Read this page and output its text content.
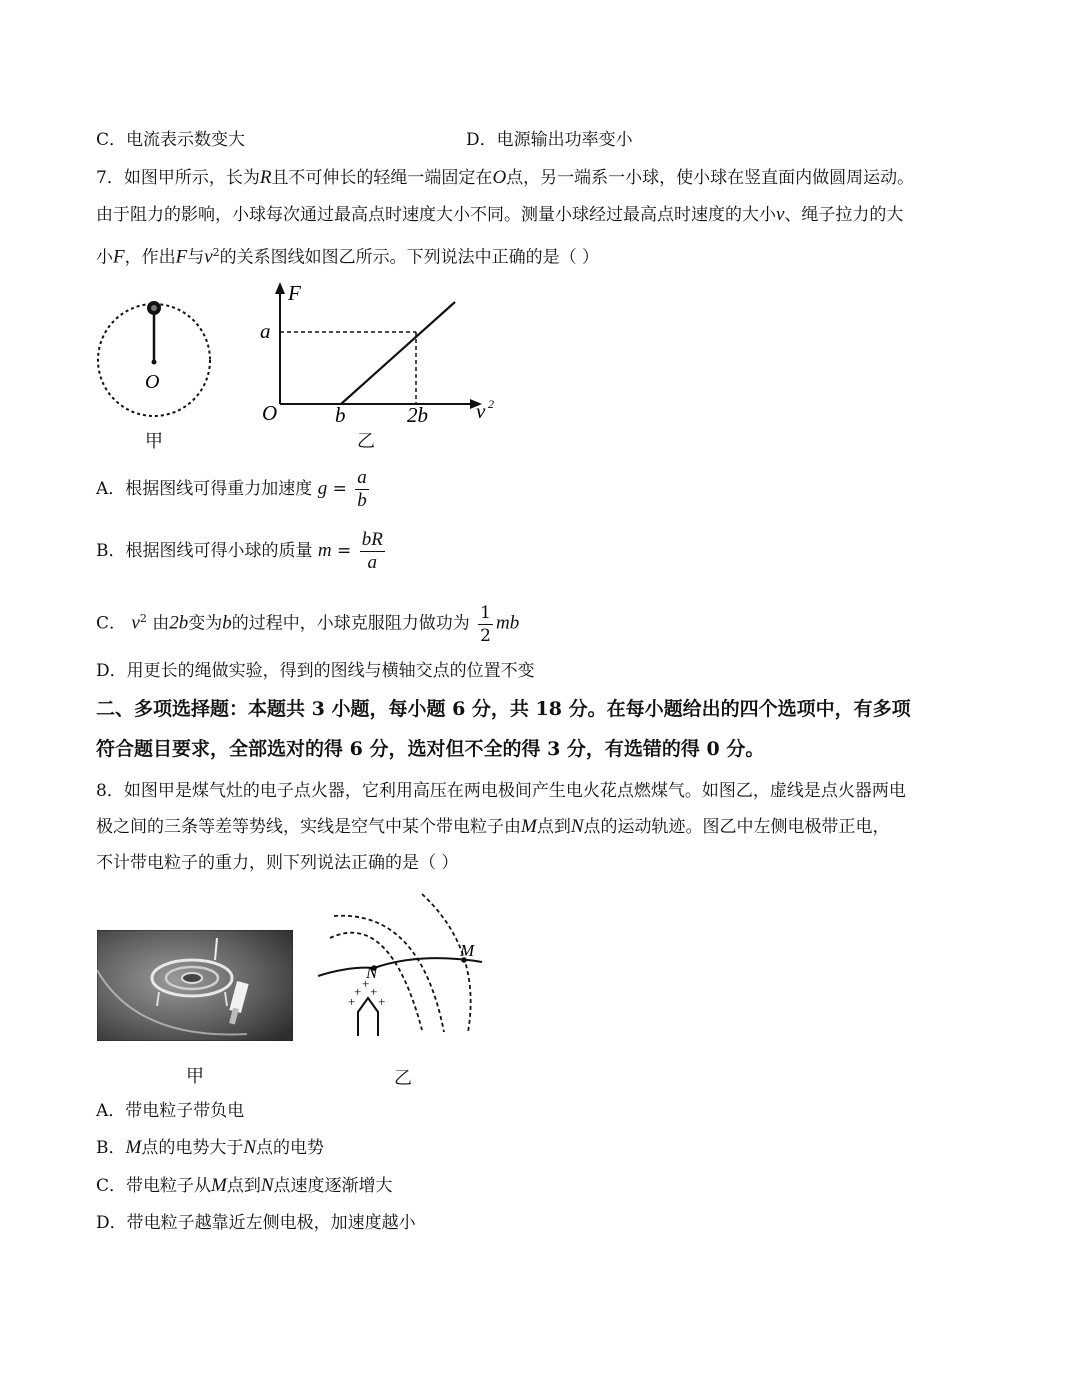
C．电流表示数变大	D．电源输出功率变小
7．如图甲所示，长为R且不可伸长的轻绳一端固定在O点，另一端系一小球，使小球在竖直面内做圆周运动。
由于阻力的影响，小球每次通过最高点时速度大小不同。测量小球经过最高点时速度的大小v、绳子拉力的大
小F，作出F与$v^2$的关系图线如图乙所示。下列说法中正确的是（ ）
O
甲
F
a
O	b	2b v 2
乙
A．根据图线可得重力加速度 $g = \frac{a}{b}$
B．根据图线可得小球的质量 $m = \frac{bR}{a}$
C． $v^2$ 由2b变为b的过程中，小球克服阻力做功为 $\frac{1}{2}$ mb
D．用更长的绳做实验，得到的图线与横轴交点的位置不变
二、多项选择题：本题共 3 小题，每小题 6 分，共 18 分。在每小题给出的四个选项中，有多项
符合题目要求，全部选对的得 6 分，选对但不全的得 3 分，有选错的得 0 分。
8．如图甲是煤气灶的电子点火器，它利用高压在两电极间产生电火花点燃煤气。如图乙，虚线是点火器两电
极之间的三条等差等势线，实线是空气中某个带电粒子由M点到N点的运动轨迹。图乙中左侧电极带正电，
不计带电粒子的重力，则下列说法正确的是（ ）
甲
N
M
+
+ +
+
+
乙
A．带电粒子带负电
B．M点的电势大于N点的电势
C．带电粒子从M点到N点速度逐渐增大
D．带电粒子越靠近左侧电极，加速度越小
